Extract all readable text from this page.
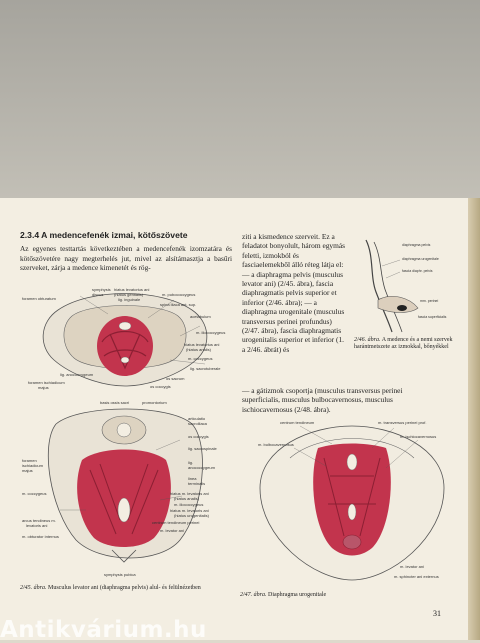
2.3.4 A medencefenék izmai, kötőszövete

Az egyenes testtartás következtében a medencefenék izomzatára és kötőszövetére nagy megterhelés jut, mivel az alsítámasztja a basűri szerveket, zárja a medence kimenetét és rög-

ziti a kismedence szerveit. Ez a feladatot bonyolult, három egymás feletti, izmokból és fasciaelemekből álló réteg látja el: — a diaphragma pelvis (musculus levator ani) (2/45. ábra), fascia diaphragmatis pelvis superior et inferior (2/46. ábra); — a diaphragma urogenitale (musculus transversus perinei profundus) (2/47. ábra), fascia diaphragmatis urogenitalis superior et inferior (1. a 2/46. ábrát) és

— a gátizmok csoportja (musculus transversus perinei superficialis, musculus bulbocavernosus, musculus ischiocavernosus (2/48. ábra).

symphysis
discus
foramen obturatum
hiatus levatorius ani
(hiatus genitalis)
lig. inguinale
m. pubococcygeus
spina iliaca ant. sup.
acetabulum
m. iliococcygeus
hiatus levatorius ani
(hiatus analis)
m. coccygeus
lig. sacrotuberale
lig. anococcygeum
os sacrum
foramen ischiadicum
majus	os coccygis
basis ossis sacri	promontorium
articulatio
sacroiliaca
os coccygis
lig. sacrospinale
foramen
ischiadicum
majus
m. coccygeus
lig.
anococcygeum
linea
terminalis
hiatus m. levatoris ani
(hiatus analis)
m. iliococcygeus
hiatus m. levatoris ani
(hiatus urogenitalis)
centrum tendineum perinei
arcus tendineus m.
levatoris ani
m. levator ani
m. obturator internus
symphysis pubica
2/45. ábra. Musculus levator ani (diaphragma pelvis) alul- és felülnézetben
diaphragma pelvis
diaphragma urogenitale
fascia diaphr. pelvis
mm. perinei
fascia superficialis
2/46. ábra. A medence és a nemi szervek harántmetszete az izmokkal, bőnyékkel
centrum tendineum	m. transversus perinei prof.
m. bulbocavernosus
m. ischiocavernosus
m. levator ani
m. sphincter ani externus
2/47. ábra. Diaphragma urogenitale
31
Antikvárium.hu
